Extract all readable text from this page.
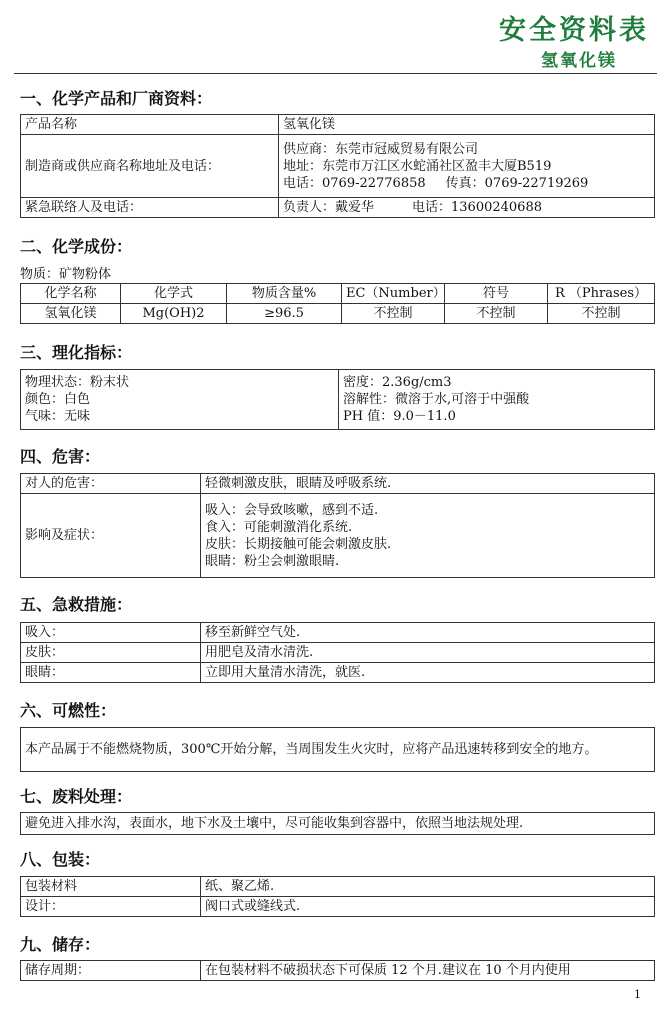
安全资料表
氢氧化镁
一、化学产品和厂商资料：
产品名称	氢氧化镁
制造商或供应商名称地址及电话：	供应商：东莞市冠威贸易有限公司
地址：东莞市万江区水蛇涌社区盈丰大厦B519
电话：0769-22776858 传真：0769-22719269

紧急联络人及电话：	负责人：戴爱华 电话：13600240688
二、化学成份：
物质：矿物粉体
化学名称	化学式	物质含量%	EC（Number）	符号	R （Phrases）
氢氧化镁	Mg(OH)2	≥96.5	不控制	不控制	不控制
三、理化指标：
物理状态：粉末状
颜色：白色
气味：无味

密度：2.36g/cm3
溶解性：微溶于水,可溶于中强酸
PH 值：9.0－11.0
四、危害：
对人的危害：	轻微刺激皮肤，眼睛及呼吸系统.
影响及症状：	吸入：会导致咳嗽，感到不适.
食入：可能刺激消化系统.
皮肤：长期接触可能会刺激皮肤.
眼睛：粉尘会刺激眼睛.
五、急救措施：
吸入：	移至新鲜空气处.
皮肤：	用肥皂及清水清洗.
眼睛：	立即用大量清水清洗，就医.
六、可燃性：
本产品属于不能燃烧物质，300℃开始分解，当周围发生火灾时，应将产品迅速转移到安全的地方。
七、废料处理：
避免进入排水沟，表面水，地下水及土壤中，尽可能收集到容器中，依照当地法规处理.
八、包装：
包装材料	纸、聚乙烯.
设计：	阀口式或缝线式.
九、储存：
储存周期：	在包装材料不破损状态下可保质 12 个月.建议在 10 个月内使用
1
